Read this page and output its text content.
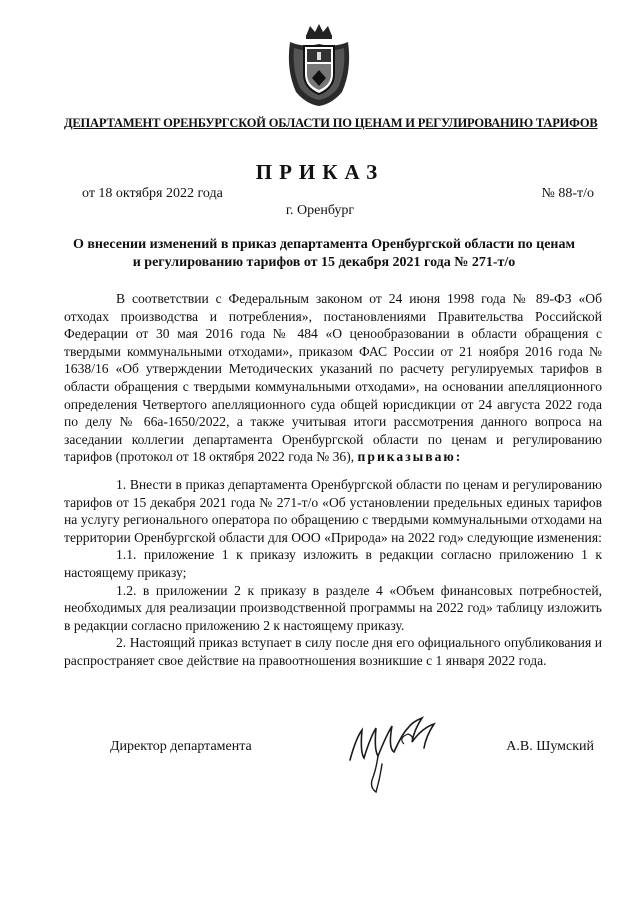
ДЕПАРТАМЕНТ ОРЕНБУРГСКОЙ ОБЛАСТИ ПО ЦЕНАМ И РЕГУЛИРОВАНИЮ ТАРИФОВ
ПРИКАЗ
от 18 октября 2022 года	№ 88-т/о
г. Оренбург
О внесении изменений в приказ департамента Оренбургской области по ценам и регулированию тарифов от 15 декабря 2021 года № 271-т/о

В соответствии с Федеральным законом от 24 июня 1998 года № 89-ФЗ «Об отходах производства и потребления», постановлениями Правительства Российской Федерации от 30 мая 2016 года № 484 «О ценообразовании в области обращения с твердыми коммунальными отходами», приказом ФАС России от 21 ноября 2016 года № 1638/16 «Об утверждении Методических указаний по расчету регулируемых тарифов в области обращения с твердыми коммунальными отходами», на основании апелляционного определения Четвертого апелляционного суда общей юрисдикции от 24 августа 2022 года по делу № 66а-1650/2022, а также учитывая итоги рассмотрения данного вопроса на заседании коллегии департамента Оренбургской области по ценам и регулированию тарифов (протокол от 18 октября 2022 года № 36), приказываю:

1. Внести в приказ департамента Оренбургской области по ценам и регулированию тарифов от 15 декабря 2021 года № 271-т/о «Об установлении предельных единых тарифов на услугу регионального оператора по обращению с твердыми коммунальными отходами на территории Оренбургской области для ООО «Природа» на 2022 год» следующие изменения:

1.1. приложение 1 к приказу изложить в редакции согласно приложению 1 к настоящему приказу;

1.2. в приложении 2 к приказу в разделе 4 «Объем финансовых потребностей, необходимых для реализации производственной программы на 2022 год» таблицу изложить в редакции согласно приложению 2 к настоящему приказу.

2. Настоящий приказ вступает в силу после дня его официального опубликования и распространяет свое действие на правоотношения возникшие с 1 января 2022 года.

Директор департамента	А.В. Шумский
